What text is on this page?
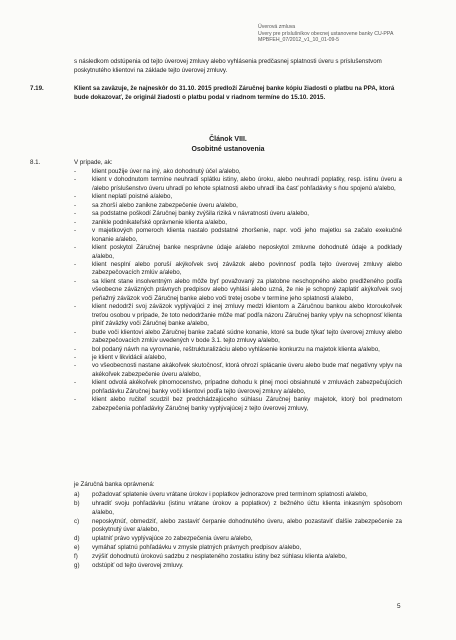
Úverová zmluva
Uvery pre príslušníkov obecnej ustanovene banky CU-PPA
MPBFEH_07/2012_v1_10_01-09-5
s následkom odstúpenia od tejto úverovej zmluvy alebo vyhlásenia predčasnej splatnosti úveru s príslušenstvom poskytnutého klientovi na základe tejto úverovej zmluvy.
7.19.	Klient sa zaväzuje, že najneskôr do 31.10. 2015 predloží Záručnej banke kópiu žiadosti o platbu na PPA, ktorá bude dokazovať, že originál žiadosti o platbu podal v riadnom termíne do 15.10. 2015.
Článok VIII.
Osobitné ustanovenia
8.1.	V prípade, ak:
- klient použije úver na iný, ako dohodnutý účel a/alebo,
- klient v dohodnutom termíne neuhradí splátku istiny, alebo úroku, alebo neuhradí poplatky, resp. istinu úveru a /alebo príslušenstvo úveru uhradí po lehote splatnosti alebo uhradí iba časť pohľadávky s ňou spojenú a/alebo,
- klient neplatí poistné a/alebo,
- sa zhorší alebo zanikne zabezpečenie úveru a/alebo,
- sa podstatne poškodí Záručnej banky zvýšila riziká v návratnosti úveru a/alebo,
- zanikle podnikateľské oprávnenie klienta a/alebo,
- v majetkových pomeroch klienta nastalo podstatné zhoršenie, napr. voči jeho majetku sa začalo exekučné konanie a/alebo,
- klient poskytol Záručnej banke nesprávne údaje a/alebo neposkytol zmluvne dohodnuté údaje a podklady a/alebo,
- klient nesplní alebo poruší akýkoľvek svoj záväzok alebo povinnosť podľa tejto úverovej zmluvy alebo zabezpečovacích zmlúv a/alebo,
- sa klient stane insolventným alebo môže byť považovaný za platobne neschopného alebo predlženého podľa všeobecne záväzných právnych predpisov alebo vyhlási alebo uzná, že nie je schopný zaplatiť akýkoľvek svoj peňažný záväzok voči Záručnej banke alebo voči tretej osobe v termíne jeho splatnosti a/alebo,
- klient nedodrží svoj záväzok vyplývajúci z inej zmluvy medzi klientom a Záručnou bankou alebo ktoroukoľvek treťou osobou v prípade, že toto nedodržanie môže mať podľa názoru Záručnej banky vplyv na schopnosť klienta plniť záväzky voči Záručnej banke a/alebo,
- bude voči klientovi alebo Záručnej banke začaté súdne konanie, ktoré sa bude týkať tejto úverovej zmluvy alebo zabezpečovacích zmlúv uvedených v bode 3.1. tejto zmluvy a/alebo,
- bol podaný návrh na vyrovnanie, reštrukturalizáciu alebo vyhlásenie konkurzu na majetok klienta a/alebo,
- je klient v likvidácii a/alebo,
- vo všeobecnosti nastane akákoľvek skutočnosť, ktorá ohrozí splácanie úveru alebo bude mať negatívny vplyv na akékoľvek zabezpečenie úveru a/alebo,
- klient odvolá akékoľvek plnomocenstvo, prípadne dohodu k plnej moci obsiahnuté v zmluvách zabezpečujúcich pohľadávku Záručnej banky voči klientovi podľa tejto úverovej zmluvy a/alebo,
- klient alebo ručiteľ scudzil bez predchádzajúceho súhlasu Záručnej banky majetok, ktorý bol predmetom zabezpečenia pohľadávky Záručnej banky vyplývajúcej z tejto úverovej zmluvy,
je Záručná banka oprávnená:
a) požadovať splatenie úveru vrátane úrokov i poplatkov jednorazove pred termínom splatnosti a/alebo,
b) uhradiť svoju pohľadávku (istinu vrátane úrokov a poplatkov) z bežného účtu klienta inkasným spôsobom a/alebo,
c) neposkytnúť, obmedziť, alebo zastaviť čerpanie dohodnutého úveru, alebo pozastaviť ďalšie zabezpečenie za poskytnutý úver a/alebo,
d) uplatniť právo vyplývajúce zo zabezpečenia úveru a/alebo,
e) vymáhať splatnú pohľadávku v zmysle platných právnych predpisov a/alebo,
f) zvýšiť dohodnutú úrokovú sadzbu z nesplateného zostatku istiny bez súhlasu klienta a/alebo,
g) odstúpiť od tejto úverovej zmluvy.
5
